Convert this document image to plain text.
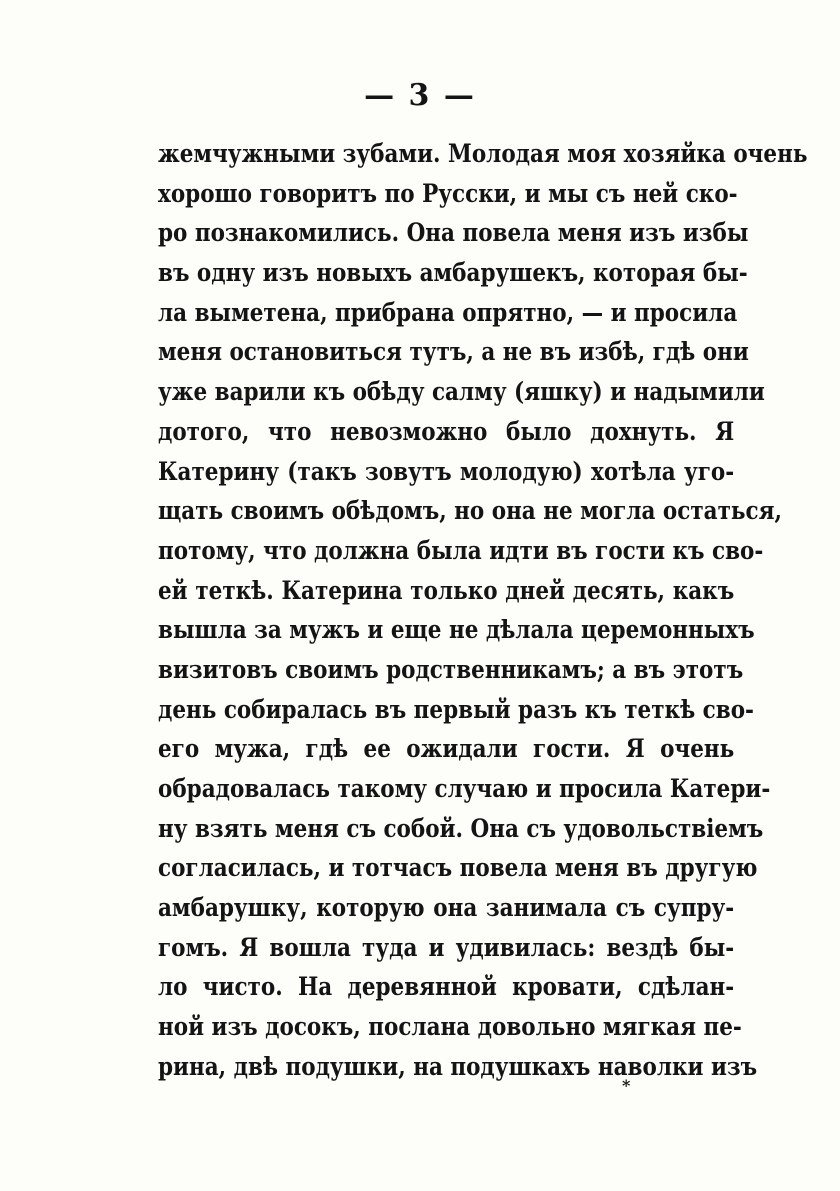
— 3 —
жемчужными зубами. Молодая моя хозяйка очень
хорошо говоритъ по Русски, и мы съ ней ско-
ро познакомились. Она повела меня изъ избы
въ одну изъ новыхъ амбарушекъ, которая бы-
ла выметена, прибрана опрятно, — и просила
меня остановиться тутъ, а не въ избѣ, гдѣ они
уже варили къ обѣду салму (яшку) и надымили
дотого, что невозможно было дохнуть. Я
Катерину (такъ зовутъ молодую) хотѣла уго-
щать своимъ обѣдомъ, но она не могла остаться,
потому, что должна была идти въ гости къ сво-
ей теткѣ. Катерина только дней десять, какъ
вышла за мужъ и еще не дѣлала церемонныхъ
визитовъ своимъ родственникамъ; а въ этотъ
день собиралась въ первый разъ къ теткѣ сво-
его мужа, гдѣ ее ожидали гости. Я очень
обрадовалась такому случаю и просила Катери-
ну взять меня съ собой. Она съ удовольствіемъ
согласилась, и тотчасъ повела меня въ другую
амбарушку, которую она занимала съ супру-
гомъ. Я вошла туда и удивилась: вездѣ бы-
ло чисто. На деревянной кровати, сдѣлан-
ной изъ досокъ, послана довольно мягкая пе-
рина, двѣ подушки, на подушкахъ наволки изъ
*
